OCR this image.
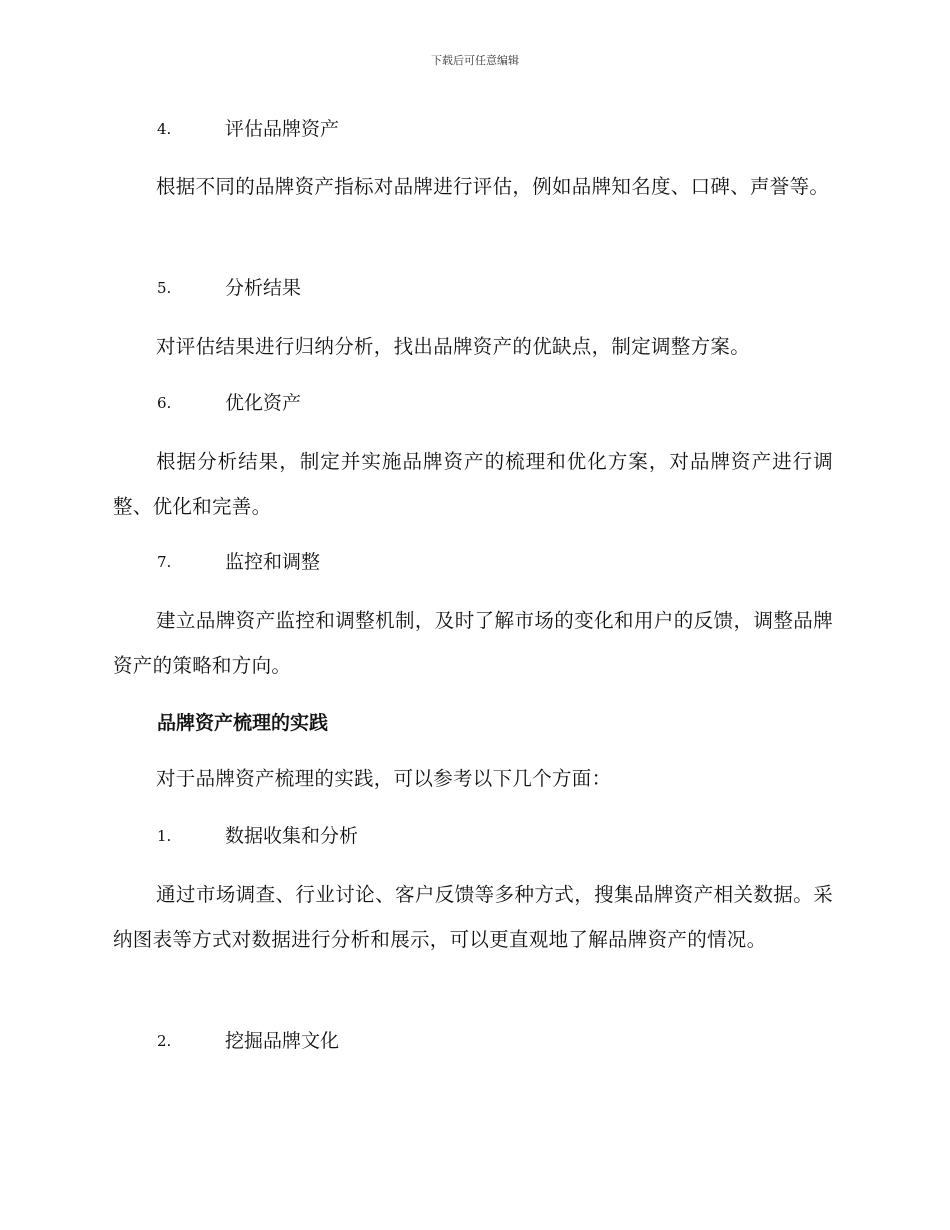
下载后可任意编辑
4.	评估品牌资产
根据不同的品牌资产指标对品牌进行评估，例如品牌知名度、口碑、声誉等。
5.	分析结果
对评估结果进行归纳分析，找出品牌资产的优缺点，制定调整方案。
6.	优化资产
根据分析结果，制定并实施品牌资产的梳理和优化方案，对品牌资产进行调整、优化和完善。
7.	监控和调整
建立品牌资产监控和调整机制，及时了解市场的变化和用户的反馈，调整品牌资产的策略和方向。
品牌资产梳理的实践
对于品牌资产梳理的实践，可以参考以下几个方面：
1.	数据收集和分析
通过市场调查、行业讨论、客户反馈等多种方式，搜集品牌资产相关数据。采纳图表等方式对数据进行分析和展示，可以更直观地了解品牌资产的情况。
2.	挖掘品牌文化
